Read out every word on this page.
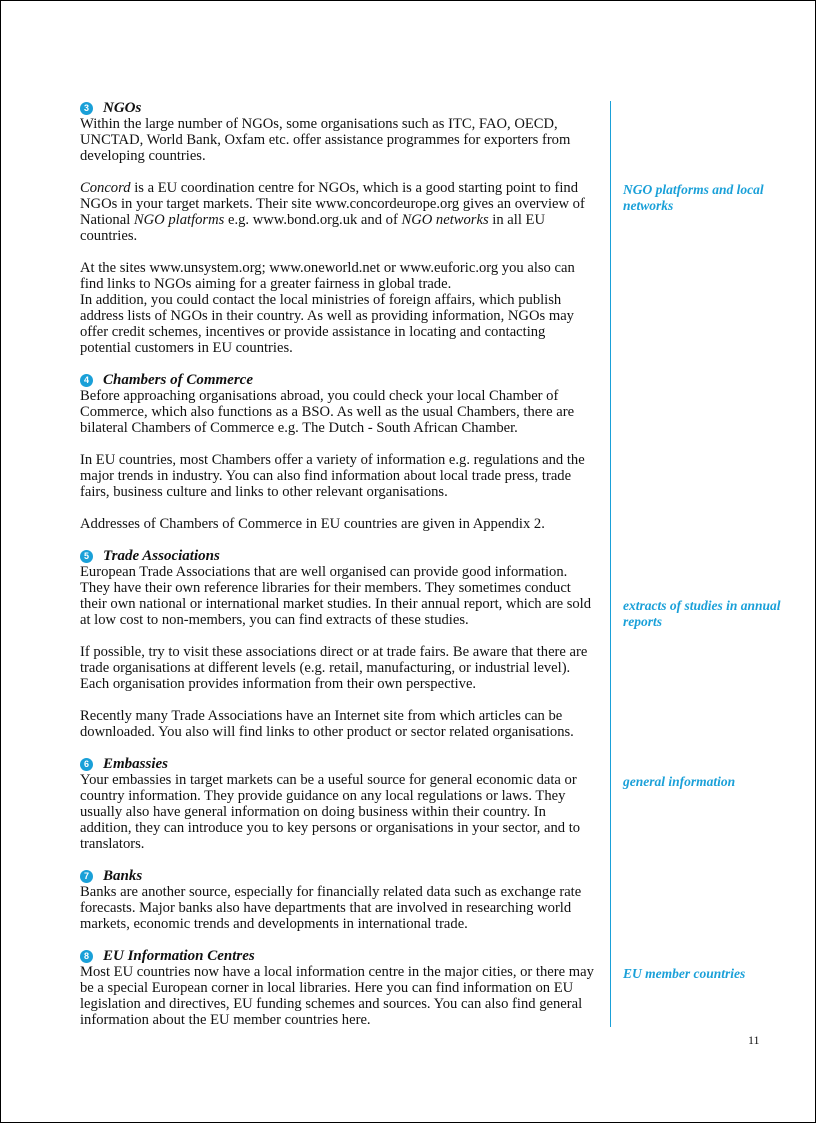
3 NGOs

Within the large number of NGOs, some organisations such as ITC, FAO, OECD, UNCTAD, World Bank, Oxfam etc. offer assistance programmes for exporters from developing countries.

Concord is a EU coordination centre for NGOs, which is a good starting point to find NGOs in your target markets. Their site www.concordeurope.org gives an overview of National NGO platforms e.g. www.bond.org.uk and of NGO networks in all EU countries.

At the sites www.unsystem.org; www.oneworld.net or www.euforic.org you also can find links to NGOs aiming for a greater fairness in global trade.

In addition, you could contact the local ministries of foreign affairs, which publish address lists of NGOs in their country. As well as providing information, NGOs may offer credit schemes, incentives or provide assistance in locating and contacting potential customers in EU countries.

4 Chambers of Commerce

Before approaching organisations abroad, you could check your local Chamber of Commerce, which also functions as a BSO. As well as the usual Chambers, there are bilateral Chambers of Commerce e.g. The Dutch - South African Chamber.

In EU countries, most Chambers offer a variety of information e.g. regulations and the major trends in industry. You can also find information about local trade press, trade fairs, business culture and links to other relevant organisations.

Addresses of Chambers of Commerce in EU countries are given in Appendix 2.

5 Trade Associations

European Trade Associations that are well organised can provide good information. They have their own reference libraries for their members. They sometimes conduct their own national or international market studies. In their annual report, which are sold at low cost to non-members, you can find extracts of these studies.

If possible, try to visit these associations direct or at trade fairs. Be aware that there are trade organisations at different levels (e.g. retail, manufacturing, or industrial level). Each organisation provides information from their own perspective.

Recently many Trade Associations have an Internet site from which articles can be downloaded. You also will find links to other product or sector related organisations.

6 Embassies

Your embassies in target markets can be a useful source for general economic data or country information. They provide guidance on any local regulations or laws. They usually also have general information on doing business within their country. In addition, they can introduce you to key persons or organisations in your sector, and to translators.

7 Banks

Banks are another source, especially for financially related data such as exchange rate forecasts. Major banks also have departments that are involved in researching world markets, economic trends and developments in international trade.

8 EU Information Centres

Most EU countries now have a local information centre in the major cities, or there may be a special European corner in local libraries. Here you can find information on EU legislation and directives, EU funding schemes and sources. You can also find general information about the EU member countries here.

NGO platforms and local networks
extracts of studies in annual reports
general information
EU member countries
11
